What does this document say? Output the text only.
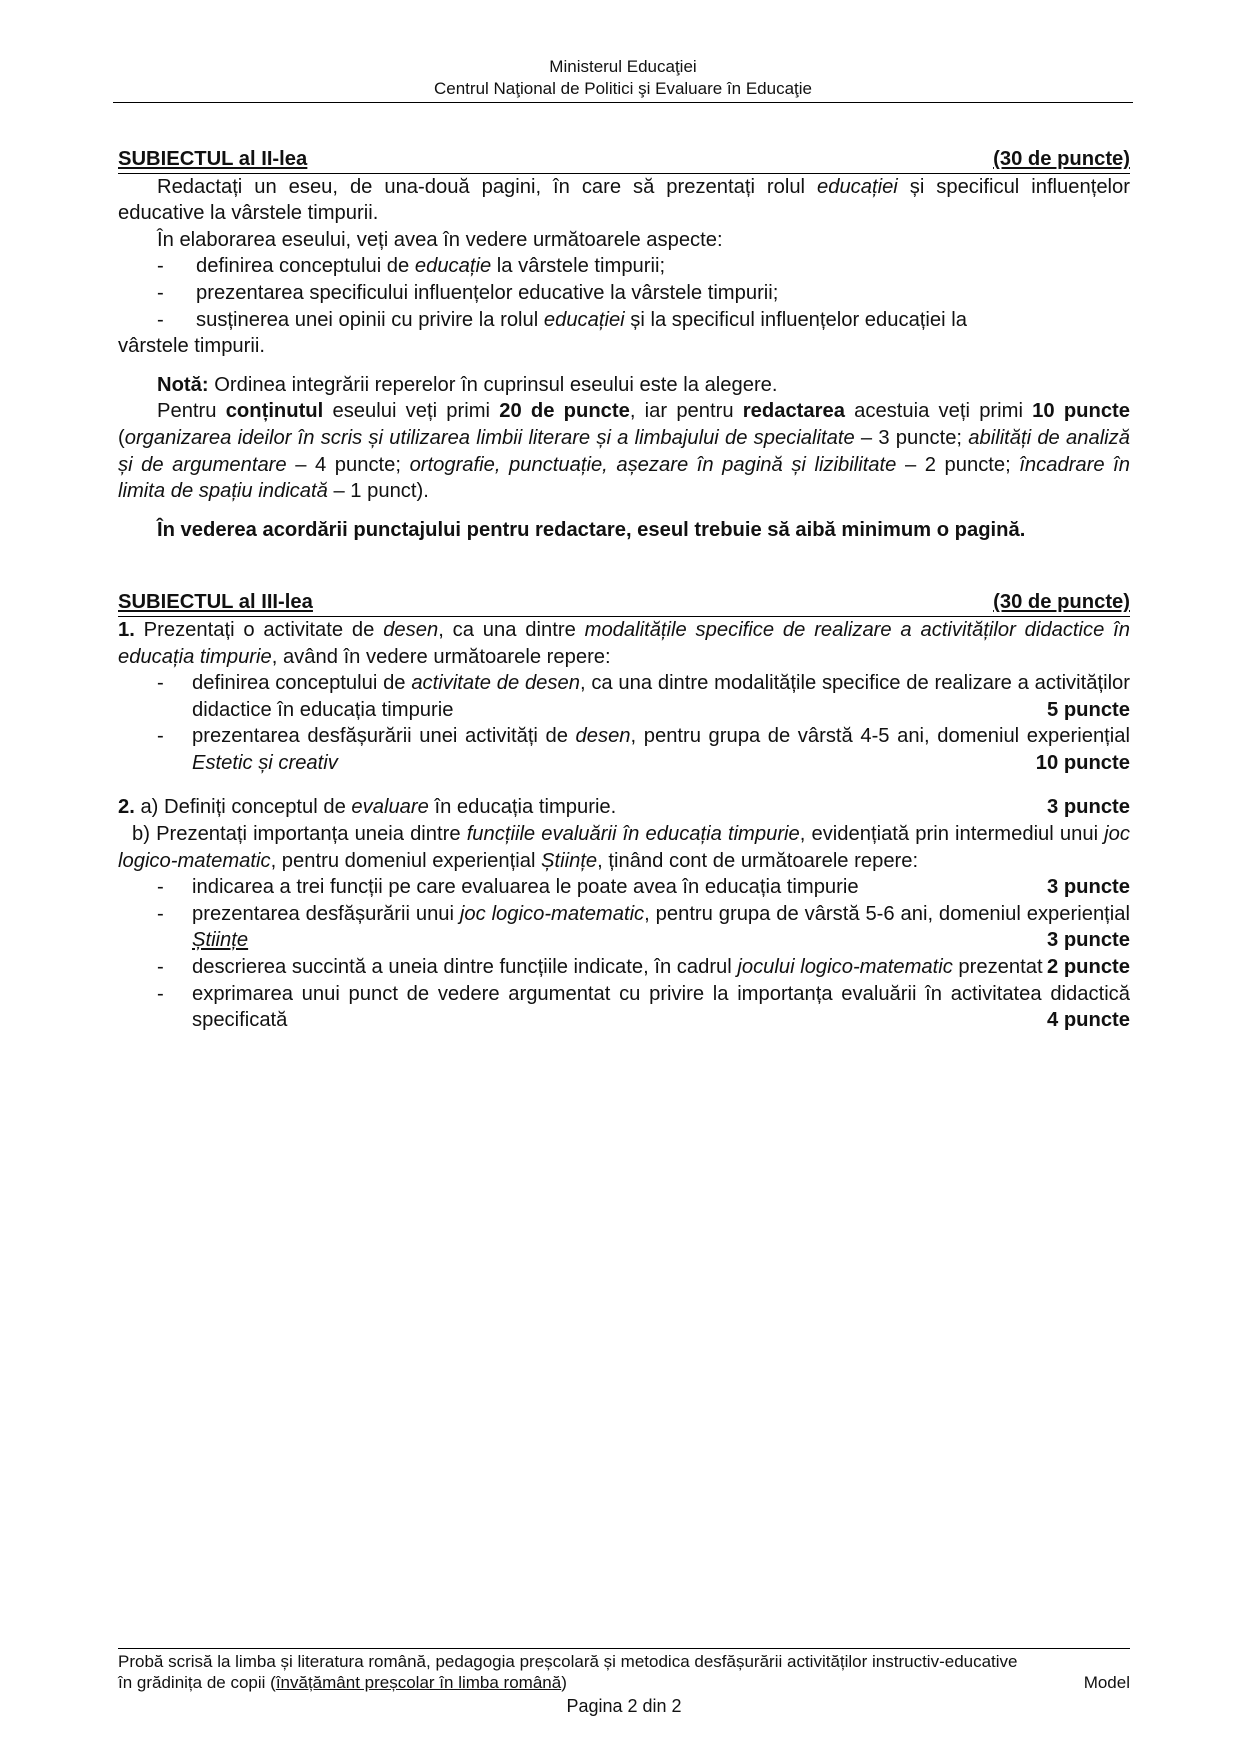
Ministerul Educaţiei
Centrul Naţional de Politici şi Evaluare în Educaţie
SUBIECTUL al II-lea	(30 de puncte)

Redactați un eseu, de una-două pagini, în care să prezentați rolul educației și specificul influențelor educative la vârstele timpurii.

În elaborarea eseului, veți avea în vedere următoarele aspecte:

-	definirea conceptului de educație la vârstele timpurii;
-	prezentarea specificului influențelor educative la vârstele timpurii;
-	susținerea unei opinii cu privire la rolul educației și la specificul influențelor educației la

vârstele timpurii.

Notă: Ordinea integrării reperelor în cuprinsul eseului este la alegere.

Pentru conținutul eseului veți primi 20 de puncte, iar pentru redactarea acestuia veți primi 10 puncte (organizarea ideilor în scris și utilizarea limbii literare și a limbajului de specialitate – 3 puncte; abilități de analiză și de argumentare – 4 puncte; ortografie, punctuație, așezare în pagină și lizibilitate – 2 puncte; încadrare în limita de spațiu indicată – 1 punct).

În vederea acordării punctajului pentru redactare, eseul trebuie să aibă minimum o pagină.

SUBIECTUL al III-lea	(30 de puncte)

1. Prezentați o activitate de desen, ca una dintre modalitățile specifice de realizare a activităților didactice în educația timpurie, având în vedere următoarele repere:

-	definirea conceptului de activitate de desen, ca una dintre modalitățile specifice de realizare a activităților didactice în educația timpurie	5 puncte
-	prezentarea desfășurării unei activități de desen, pentru grupa de vârstă 4-5 ani, domeniul experiențial Estetic și creativ	10 puncte
2. a) Definiți conceptul de evaluare în educația timpurie.	3 puncte

b) Prezentați importanța uneia dintre funcțiile evaluării în educația timpurie, evidențiată prin intermediul unui joc logico-matematic, pentru domeniul experiențial Științe, ținând cont de următoarele repere:

-	indicarea a trei funcții pe care evaluarea le poate avea în educația timpurie	3 puncte
-	prezentarea desfășurării unui joc logico-matematic, pentru grupa de vârstă 5-6 ani, domeniul experiențial Științe	3 puncte
-	descrierea succintă a uneia dintre funcțiile indicate, în cadrul jocului logico-matematic prezentat 2 puncte
-	exprimarea unui punct de vedere argumentat cu privire la importanța evaluării în activitatea didactică specificată	4 puncte
Probă scrisă la limba și literatura română, pedagogia preșcolară și metodica desfășurării activităților instructiv-educative
în grădinița de copii (învățământ preșcolar în limba română)	Model
Pagina 2 din 2
